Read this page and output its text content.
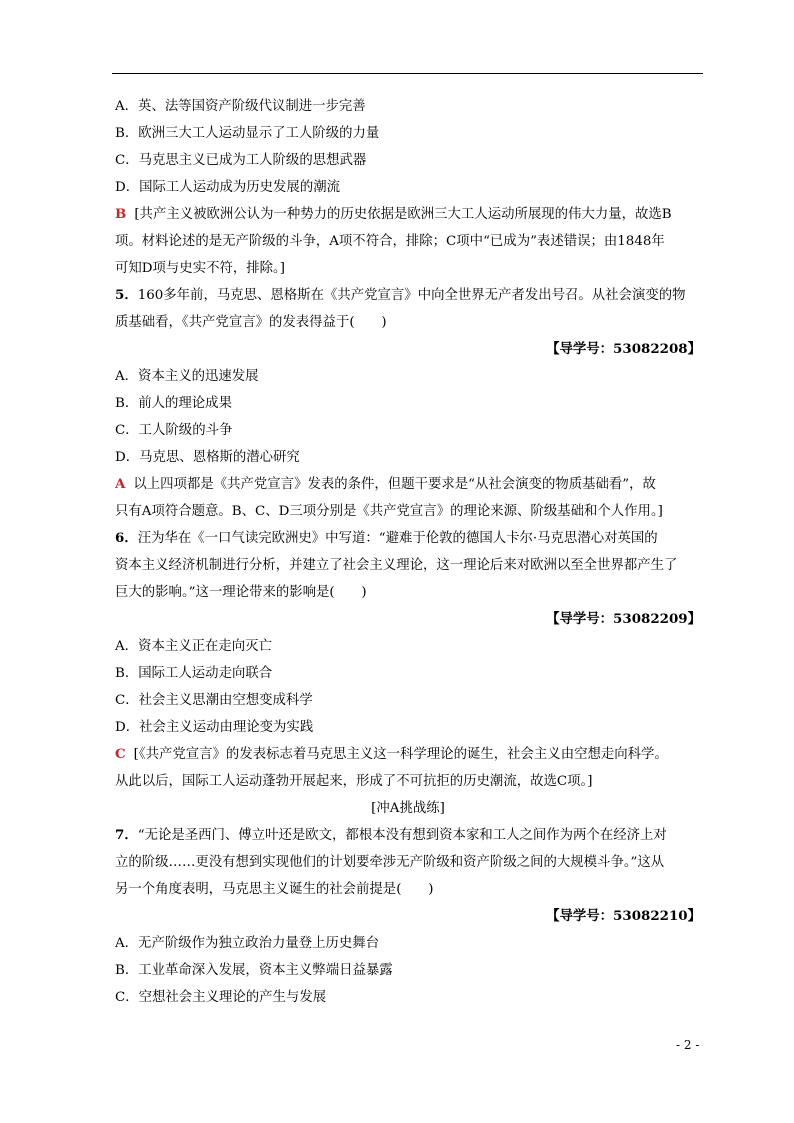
A．英、法等国资产阶级代议制进一步完善
B．欧洲三大工人运动显示了工人阶级的力量
C．马克思主义已成为工人阶级的思想武器
D．国际工人运动成为历史发展的潮流
B [共产主义被欧洲公认为一种势力的历史依据是欧洲三大工人运动所展现的伟大力量，故选B
项。材料论述的是无产阶级的斗争，A项不符合，排除；C项中“已成为”表述错误；由1848年
可知D项与史实不符，排除。]
5．160多年前，马克思、恩格斯在《共产党宣言》中向全世界无产者发出号召。从社会演变的物
质基础看，《共产党宣言》的发表得益于(　　)
【导学号：53082208】
A．资本主义的迅速发展
B．前人的理论成果
C．工人阶级的斗争
D．马克思、恩格斯的潜心研究
A 以上四项都是《共产党宣言》发表的条件，但题干要求是“从社会演变的物质基础看”，故
只有A项符合题意。B、C、D三项分别是《共产党宣言》的理论来源、阶级基础和个人作用。]
6．汪为华在《一口气读完欧洲史》中写道：“避难于伦敦的德国人卡尔·马克思潜心对英国的
资本主义经济机制进行分析，并建立了社会主义理论，这一理论后来对欧洲以至全世界都产生了
巨大的影响。”这一理论带来的影响是(　　)
【导学号：53082209】
A．资本主义正在走向灭亡
B．国际工人运动走向联合
C．社会主义思潮由空想变成科学
D．社会主义运动由理论变为实践
C [《共产党宣言》的发表标志着马克思主义这一科学理论的诞生，社会主义由空想走向科学。
从此以后，国际工人运动蓬勃开展起来，形成了不可抗拒的历史潮流，故选C项。]
[冲A挑战练]
7．“无论是圣西门、傅立叶还是欧文，都根本没有想到资本家和工人之间作为两个在经济上对
立的阶级……更没有想到实现他们的计划要牵涉无产阶级和资产阶级之间的大规模斗争。”这从
另一个角度表明，马克思主义诞生的社会前提是(　　)
【导学号：53082210】
A．无产阶级作为独立政治力量登上历史舞台
B．工业革命深入发展，资本主义弊端日益暴露
C．空想社会主义理论的产生与发展
- 2 -
